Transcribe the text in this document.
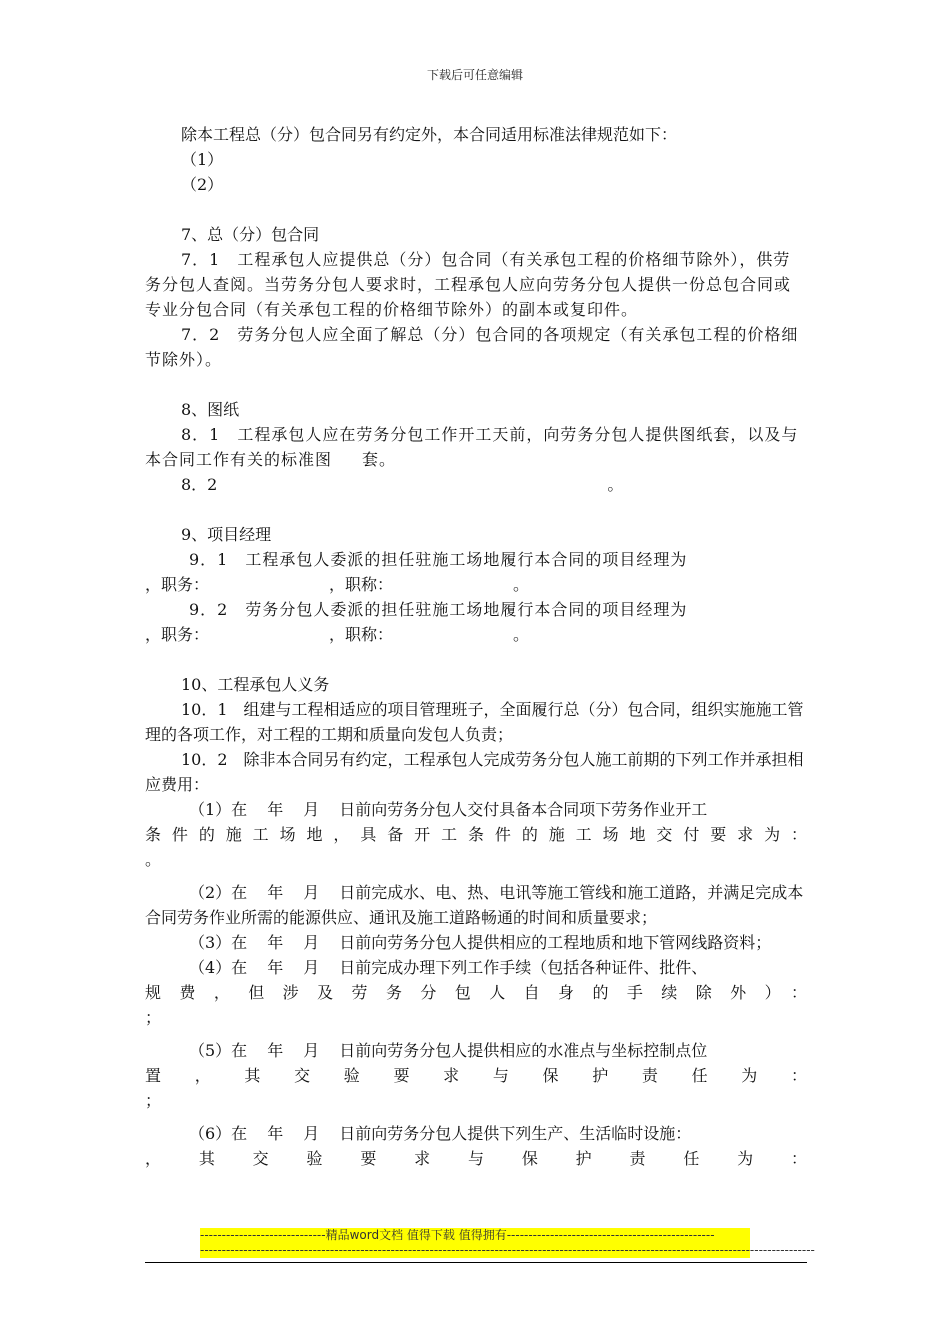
下载后可任意编辑

除本工程总（分）包合同另有约定外，本合同适用标准法律规范如下：

（1）

（2）

7、总（分）包合同

7．1　工程承包人应提供总（分）包合同（有关承包工程的价格细节除外），供劳务分包人查阅。当劳务分包人要求时，工程承包人应向劳务分包人提供一份总包合同或专业分包合同（有关承包工程的价格细节除外）的副本或复印件。

7．2　劳务分包人应全面了解总（分）包合同的各项规定（有关承包工程的价格细节除外）。

8、图纸

8．1　工程承包人应在劳务分包工作开工天前，向劳务分包人提供图纸套，以及与本合同工作有关的标准图 套。

8．2	。

9、项目经理

9．1　工程承包人委派的担任驻施工场地履行本合同的项目经理为

，职务：	，职称：	。

9．2　劳务分包人委派的担任驻施工场地履行本合同的项目经理为

，职务：	，职称：	。

10、工程承包人义务

10．1　组建与工程相适应的项目管理班子，全面履行总（分）包合同，组织实施施工管理的各项工作，对工程的工期和质量向发包人负责；

10．2　除非本合同另有约定，工程承包人完成劳务分包人施工前期的下列工作并承担相应费用：

（1）在 年 月 日前向劳务分包人交付具备本合同项下劳务作业开工

条件的施工场地，具备开工条件的施工场地交付要求为：

。

（2）在 年 月 日前完成水、电、热、电讯等施工管线和施工道路，并满足完成本合同劳务作业所需的能源供应、通讯及施工道路畅通的时间和质量要求；

（3）在 年 月 日前向劳务分包人提供相应的工程地质和地下管网线路资料；

（4）在 年 月 日前完成办理下列工作手续（包括各种证件、批件、

规费，但涉及劳务分包人自身的手续除外）：

；

（5）在 年 月 日前向劳务分包人提供相应的水准点与坐标控制点位

置，其交验要求与保护责任为：

；

（6）在 年 月 日前向劳务分包人提供下列生产、生活临时设施：

，其交验要求与保护责任为：

-----------------------------精品word文档 值得下载 值得拥有------------------------------------------------
----------------------------------------------------------------------------------------------------------------------------------------------
